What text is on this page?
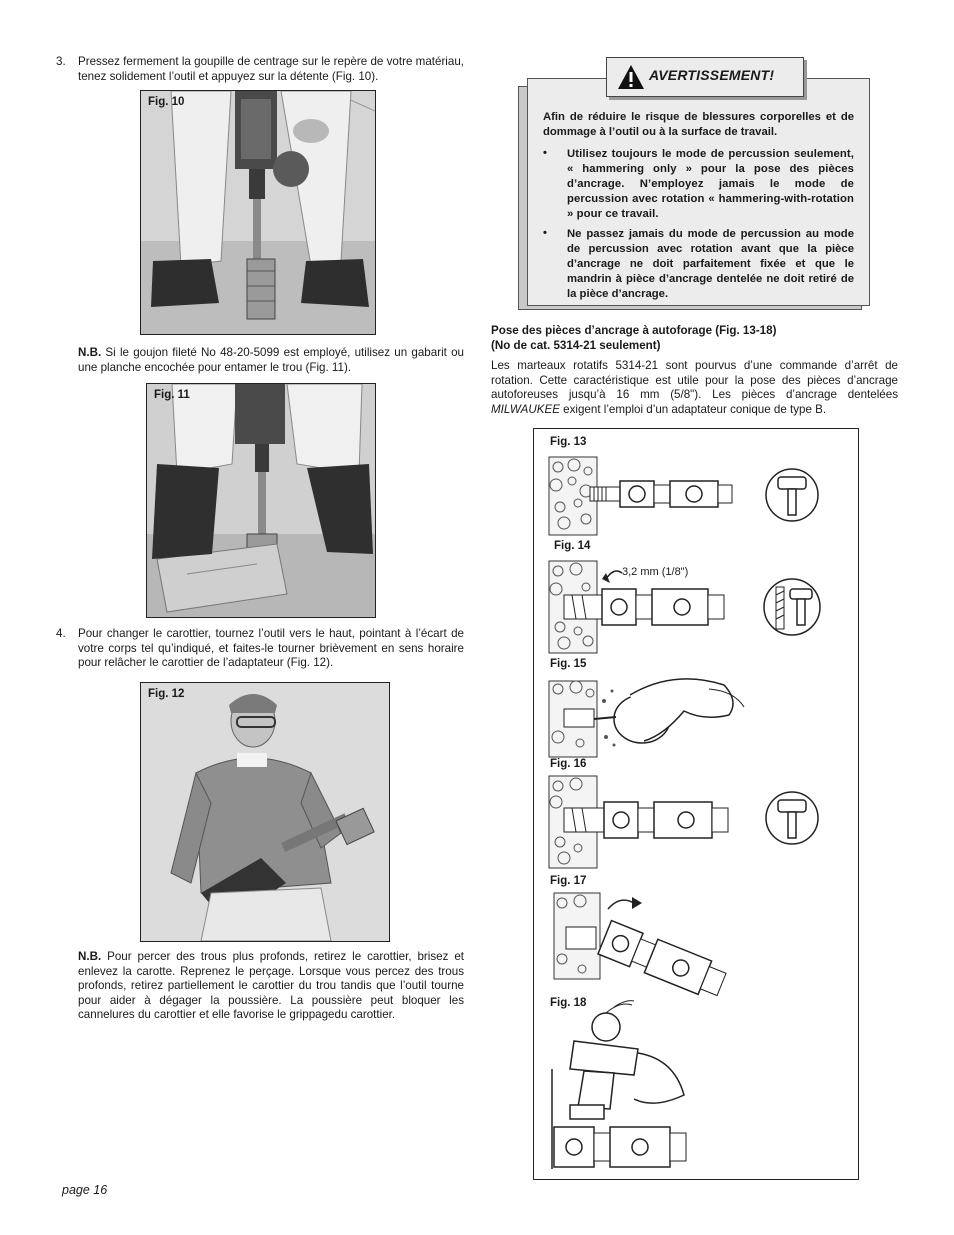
3.	Pressez fermement la goupille de centrage sur le repère de votre matériau, tenez solidement l’outil et appuyez sur la détente (Fig. 10).
Fig. 10
N.B. Si le goujon fileté No 48-20-5099 est employé, utilisez un gabarit ou une planche encochée pour entamer le trou (Fig. 11).
Fig. 11
4.	Pour changer le carottier, tournez l’outil vers le haut, pointant à l’écart de votre corps tel qu’indiqué, et faites-le tourner brièvement en sens horaire pour relâcher le carottier de l’adaptateur (Fig. 12).
Fig. 12
N.B. Pour percer des trous plus profonds, retirez le carottier, brisez et enlevez la carotte. Reprenez le perçage. Lorsque vous percez des trous profonds, retirez partiellement le carottier du trou tandis que l’outil tourne pour aider à dégager la poussière. La poussière peut bloquer les cannelures du carottier et elle favorise le grippagedu carottier.
page 16
Afin de réduire le risque de blessures corporelles et de dommage à l’outil ou à la surface de travail.
• Utilisez toujours le mode de percussion seulement, « hammering only » pour la pose des pièces d’ancrage. N’employez jamais le mode de percussion avec rotation « hammering-with-rotation » pour ce travail.
• Ne passez jamais du mode de percussion au mode de percussion avec rotation avant que la pièce d’ancrage ne doit parfaitement fixée et que le mandrin à pièce d’ancrage dentelée ne doit retiré de la pièce d’ancrage.
AVERTISSEMENT!
Pose des pièces d’ancrage à autoforage (Fig. 13-18)
(No de cat. 5314-21 seulement)
Les marteaux rotatifs 5314-21 sont pourvus d’une commande d’arrêt de rotation. Cette caractéristique est utile pour la pose des pièces d’ancrage autoforeuses jusqu’à 16 mm (5/8"). Les pièces d’ancrage dentelées MILWAUKEE exigent l’emploi d’un adaptateur conique de type B.
Fig. 13
Fig. 14
3,2 mm (1/8")
Fig. 15
Fig. 16
Fig. 17
Fig. 18
